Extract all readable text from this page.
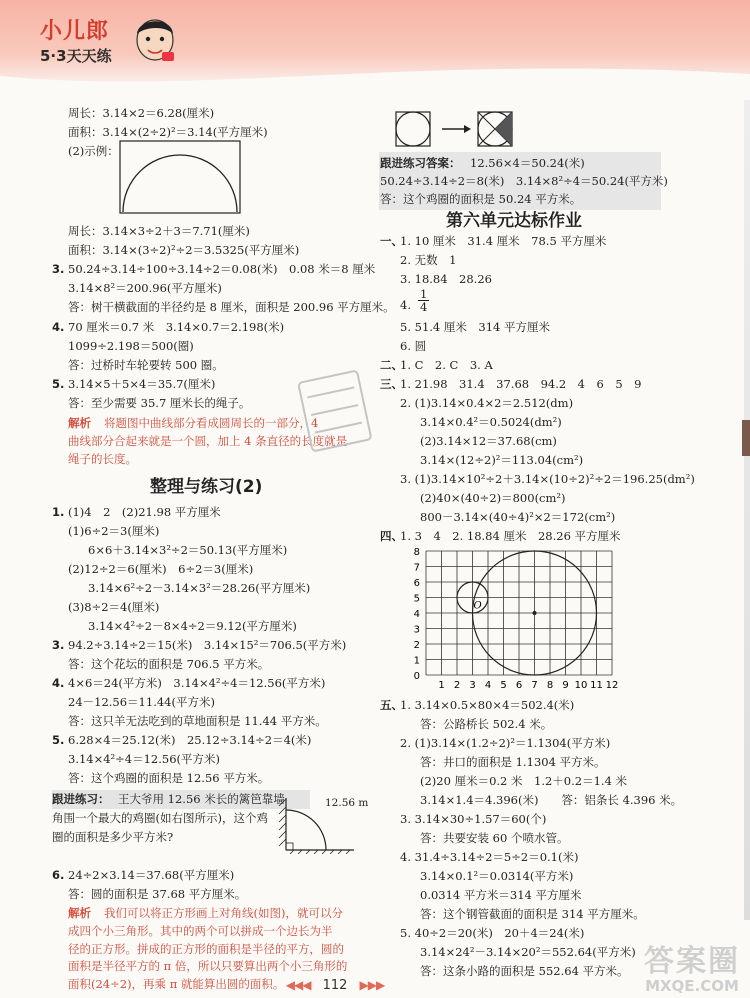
小儿郎
5·3天天练
周长：3.14×2＝6.28(厘米)
面积：3.14×(2÷2)²＝3.14(平方厘米)
(2)示例：
周长：3.14×3÷2＋3＝7.71(厘米)
面积：3.14×(3÷2)²÷2＝3.5325(平方厘米)
3. 50.24÷3.14÷100÷3.14÷2＝0.08(米)　0.08 米＝8 厘米
3.14×8²＝200.96(平方厘米)
答：树干横截面的半径约是 8 厘米，面积是 200.96 平方厘米。
4. 70 厘米＝0.7 米　3.14×0.7＝2.198(米)
1099÷2.198＝500(圈)
答：过桥时车轮要转 500 圈。
5. 3.14×5＋5×4＝35.7(厘米)
答：至少需要 35.7 厘米长的绳子。
解析 将题图中曲线部分看成圆周长的一部分，4
曲线部分合起来就是一个圆，加上 4 条直径的长度就是
绳子的长度。
整理与练习(2)
1. (1)4　2　(2)21.98 平方厘米
(1)6÷2＝3(厘米)
6×6＋3.14×3²÷2＝50.13(平方厘米)
(2)12÷2＝6(厘米)　6÷2＝3(厘米)
3.14×6²÷2－3.14×3²＝28.26(平方厘米)
(3)8÷2＝4(厘米)
3.14×4²÷2－8×4÷2＝9.12(平方厘米)
3. 94.2÷3.14÷2＝15(米)　3.14×15²＝706.5(平方米)
答：这个花坛的面积是 706.5 平方米。
4. 4×6＝24(平方米)　3.14×4²÷4＝12.56(平方米)
24－12.56＝11.44(平方米)
答：这只羊无法吃到的草地面积是 11.44 平方米。
5. 6.28×4＝25.12(米)　25.12÷3.14÷2＝4(米)
3.14×4²÷4＝12.56(平方米)
答：这个鸡圈的面积是 12.56 平方米。
跟进练习： 王大爷用 12.56 米长的篱笆靠墙
角围一个最大的鸡圈(如右图所示)，这个鸡
圈的面积是多少平方米?
12.56 m
6. 24÷2×3.14＝37.68(平方厘米)
答：圆的面积是 37.68 平方厘米。
解析 我们可以将正方形画上对角线(如图)，就可以分
成四个小三角形。其中的两个可以拼成一个边长为半
径的正方形。拼成的正方形的面积是半径的平方，圆的
跟进练习答案： 12.56×4＝50.24(米)
50.24÷3.14÷2＝8(米)　3.14×8²÷4＝50.24(平方米)
答：这个鸡圈的面积是 50.24 平方米。
第六单元达标作业
一、
1. 10 厘米　31.4 厘米　78.5 平方厘米
2. 无数　1
3. 18.84　28.26
4. $\frac{1}{4}$
5. 51.4 厘米　314 平方厘米
6. 圆
二、
1. C　2. C　3. A
三、
1. 21.98　31.4　37.68　94.2　4　6　5　9
2. (1)3.14×0.4×2＝2.512(dm)
3.14×0.4²＝0.5024(dm²)
(2)3.14×12＝37.68(cm)
3.14×(12÷2)²＝113.04(cm²)
3. (1)3.14×10²÷2＋3.14×(10÷2)²÷2＝196.25(dm²)
(2)40×(40÷2)＝800(cm²)
800－3.14×(40÷4)²×2＝172(cm²)
四、
1. 3　4　2. 18.84 厘米　28.26 平方厘米
8
7
6
5
4
3
2
1
0
1 2 3 4 5 6 7 8 9 10 11 12
O
五、
1. 3.14×0.5×80×4＝502.4(米)
答：公路桥长 502.4 米。
2. (1)3.14×(1.2÷2)²＝1.1304(平方米)
答：井口的面积是 1.1304 平方米。
(2)20 厘米＝0.2 米　1.2＋0.2＝1.4 米
3.14×1.4＝4.396(米)　　答：铝条长 4.396 米。
3. 3.14×30÷1.57＝60(个)
答：共要安装 60 个喷水管。
4. 31.4÷3.14÷2＝5÷2＝0.1(米)
3.14×0.1²＝0.0314(平方米)
0.0314 平方米＝314 平方厘米
答：这个钢管截面的面积是 314 平方厘米。
5. 40÷2＝20(米)　20＋4＝24(米)
3.14×24²－3.14×20²＝552.64(平方米)
答：这条小路的面积是 552.64 平方米。
面积是半径平方的 π 倍，所以只要算出两个小三角形的
面积(24÷2)，再乘 π 就能算出圆的面积。 ◀◀◀ 112 ▶▶▶
答案圈
MXQE.COM
